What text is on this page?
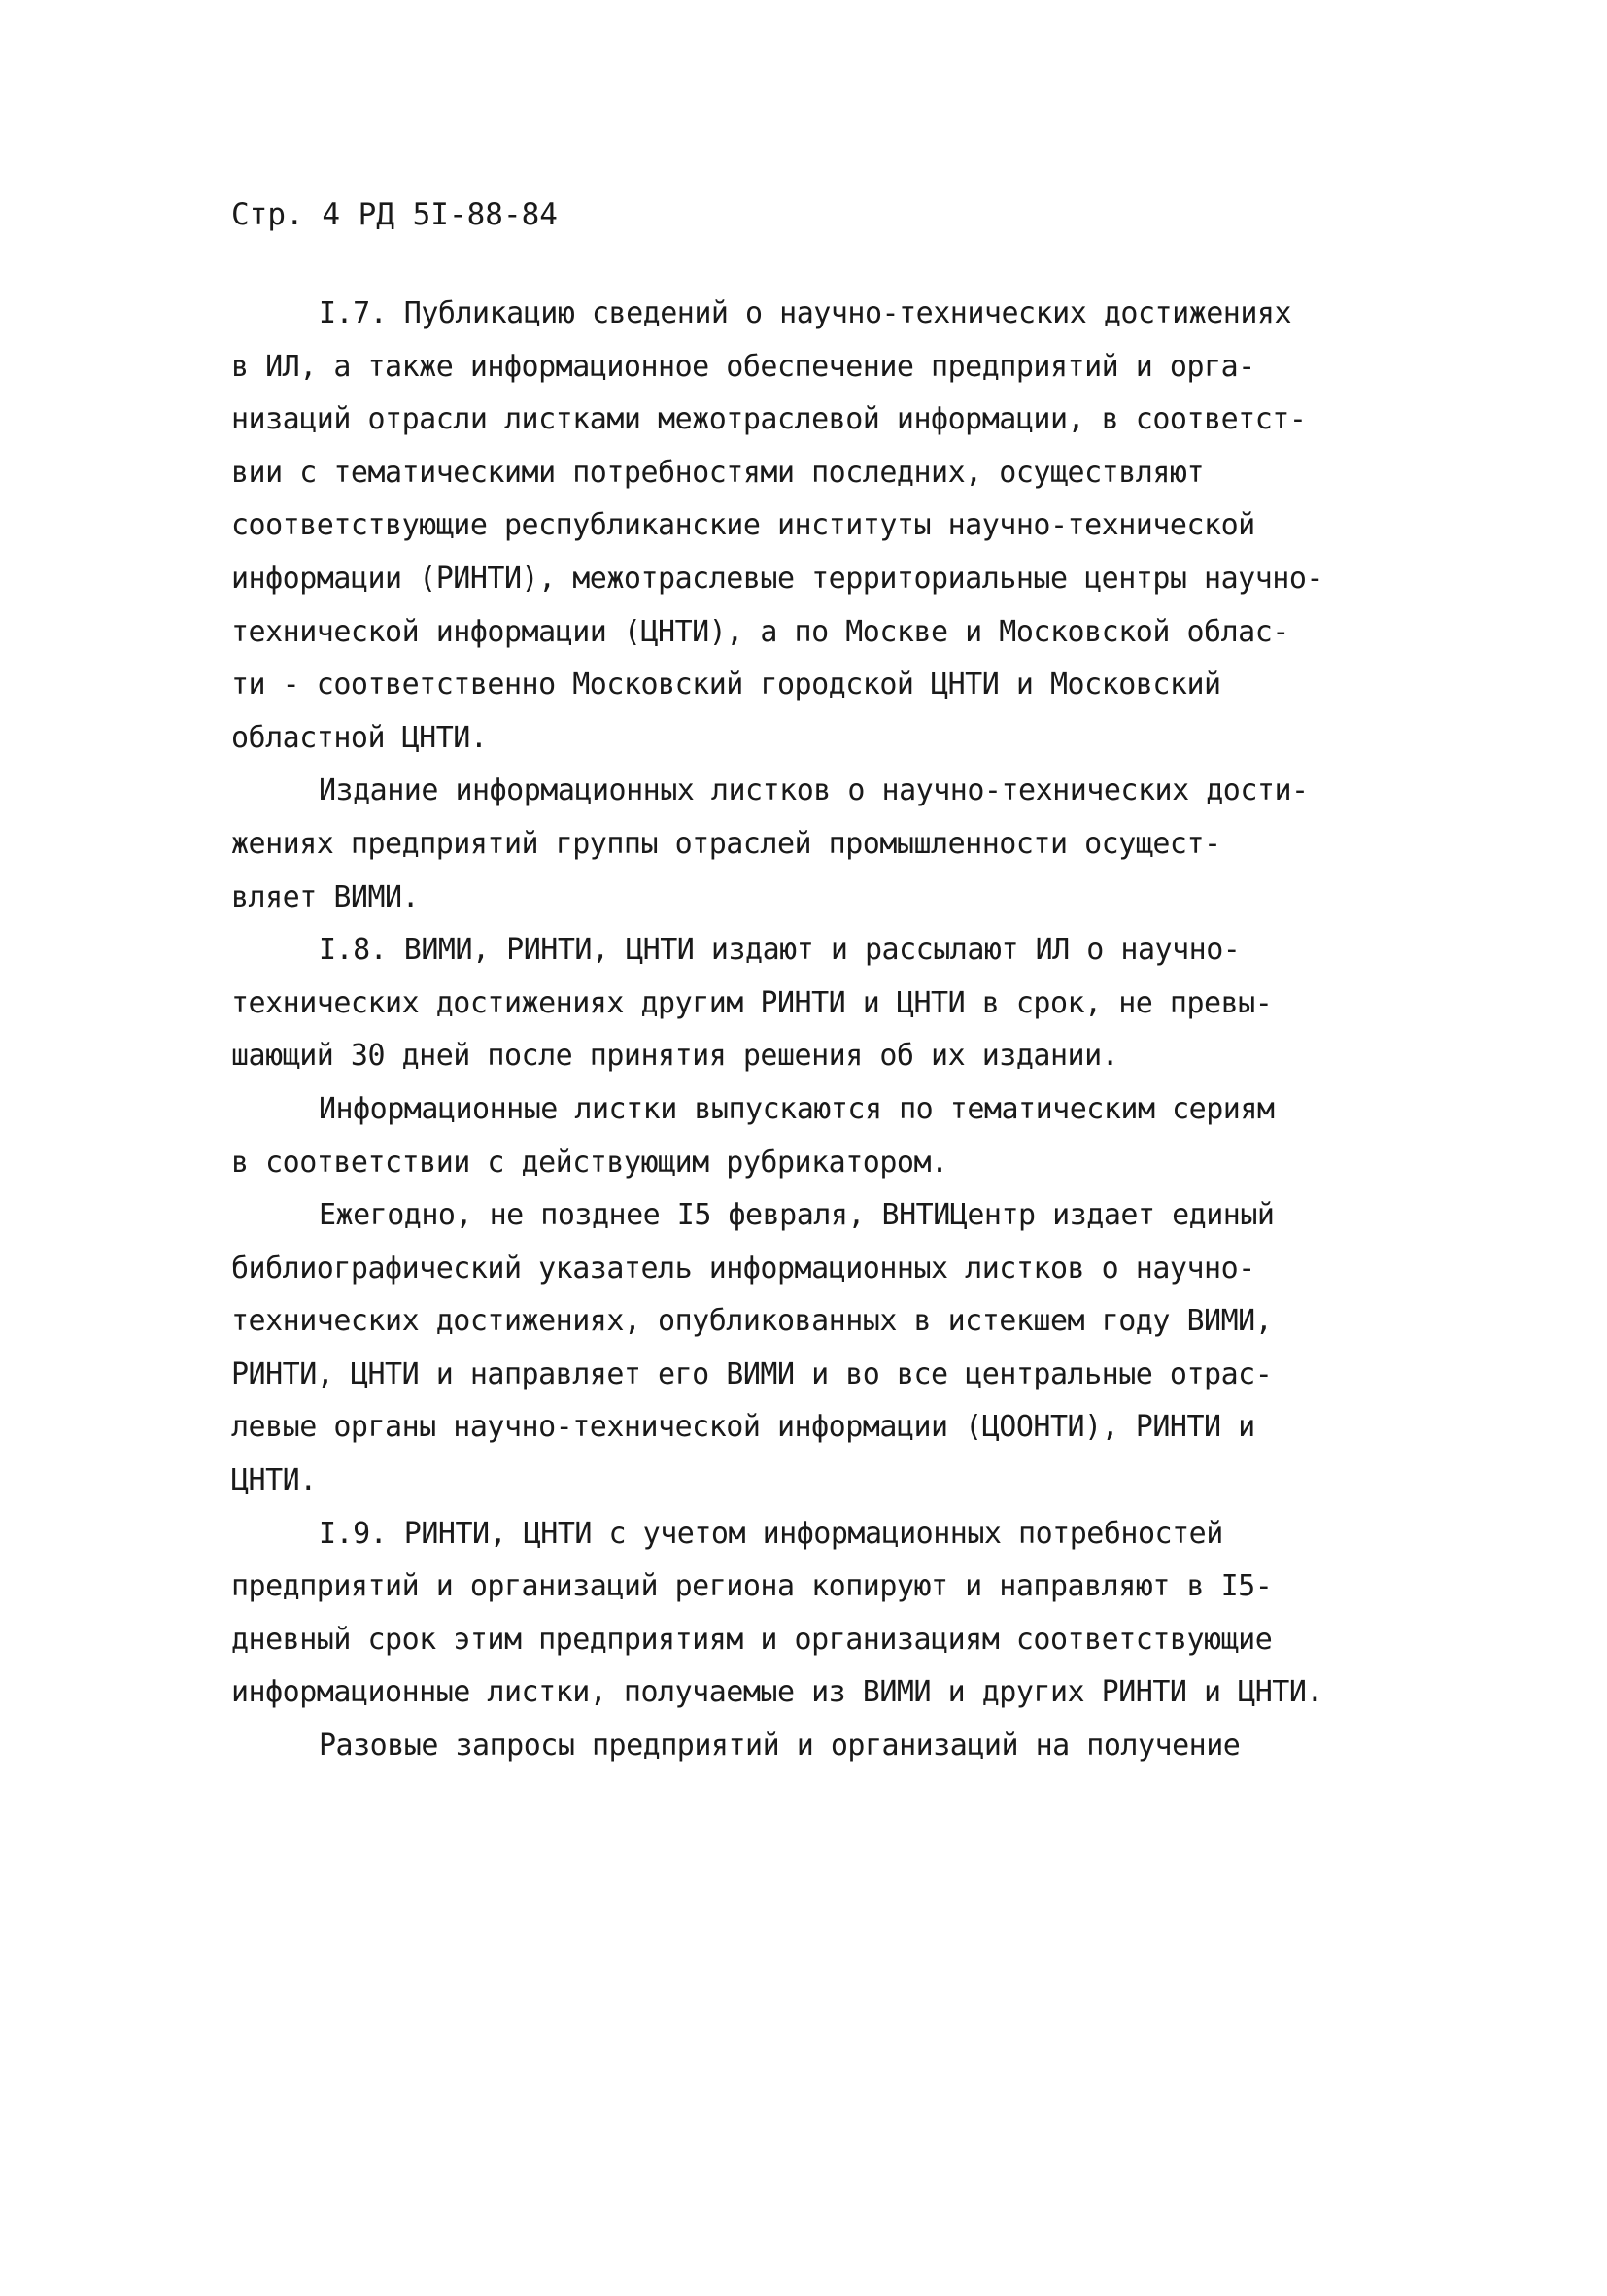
Стр. 4 РД 5I-88-84
I.7. Публикацию сведений о научно-технических достижениях
в ИЛ, а также информационное обеспечение предприятий и орга-
низаций отрасли листками межотраслевой информации, в соответст-
вии с тематическими потребностями последних, осуществляют
соответствующие республиканские институты научно-технической
информации (РИНТИ), межотраслевые территориальные центры научно-
технической информации (ЦНТИ), а по Москве и Московской облас-
ти - соответственно Московский городской ЦНТИ и Московский
областной ЦНТИ.
Издание информационных листков о научно-технических дости-
жениях предприятий группы отраслей промышленности осущест-
вляет ВИМИ.
I.8. ВИМИ, РИНТИ, ЦНТИ издают и рассылают ИЛ о научно-
технических достижениях другим РИНТИ и ЦНТИ в срок, не превы-
шающий 30 дней после принятия решения об их издании.
Информационные листки выпускаются по тематическим сериям
в соответствии с действующим рубрикатором.
Ежегодно, не позднее I5 февраля, ВНТИЦентр издает единый
библиографический указатель информационных листков о научно-
технических достижениях, опубликованных в истекшем году ВИМИ,
РИНТИ, ЦНТИ и направляет его ВИМИ и во все центральные отрас-
левые органы научно-технической информации (ЦООНТИ), РИНТИ и
ЦНТИ.
I.9. РИНТИ, ЦНТИ с учетом информационных потребностей
предприятий и организаций региона копируют и направляют в I5-
дневный срок этим предприятиям и организациям соответствующие
информационные листки, получаемые из ВИМИ и других РИНТИ и ЦНТИ.
Разовые запросы предприятий и организаций на получение
